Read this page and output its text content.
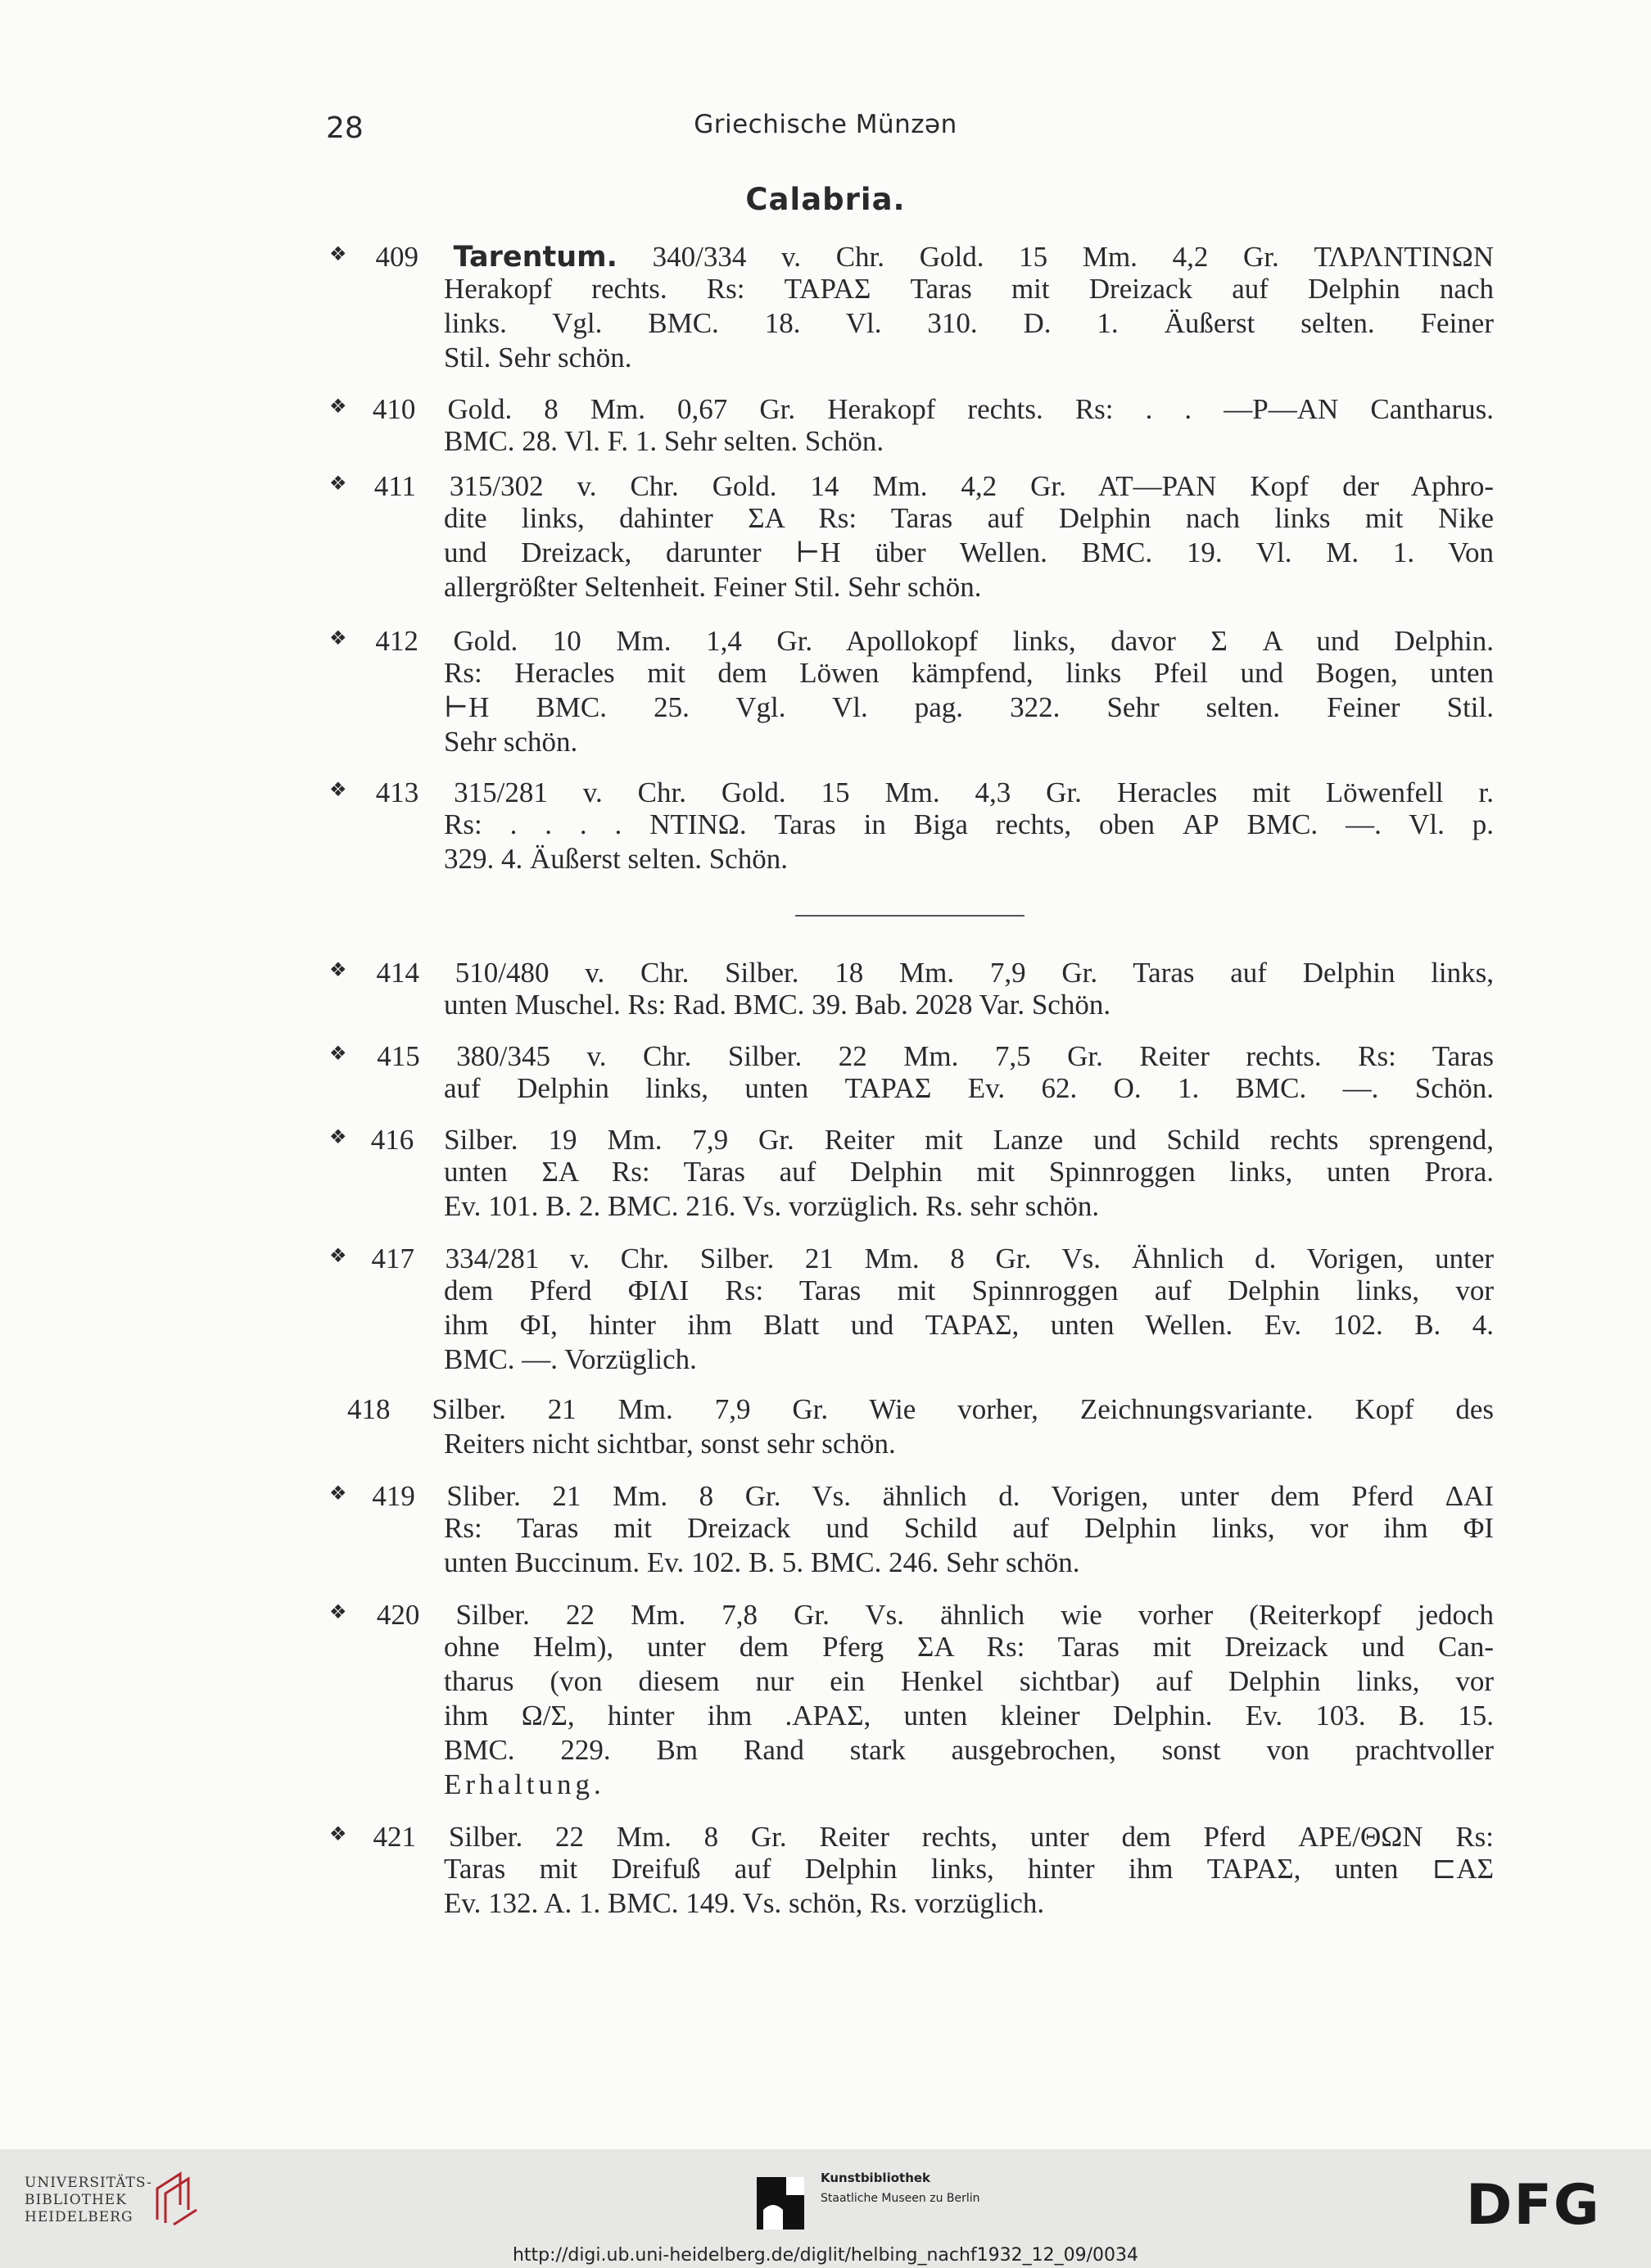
28	Griechische Münzən
Calabria.
❖409 Tarentum. 340/334 v. Chr. Gold. 15 Mm. 4,2 Gr. ΤΛΡΛΝΤΙΝΩΝ
Herakopf rechts. Rs: ΤΑΡΑΣ Taras mit Dreizack auf Delphin nach
links. Vgl. BMC. 18. Vl. 310. D. 1. Äußerst selten. Feiner
Stil. Sehr schön.
❖410 Gold. 8 Mm. 0,67 Gr. Herakopf rechts. Rs: . . —P—AN Cantharus.
BMC. 28. Vl. F. 1. Sehr selten. Schön.
❖411 315/302 v. Chr. Gold. 14 Mm. 4,2 Gr. AT—PAN Kopf der Aphro-
dite links, dahinter ΣA Rs: Taras auf Delphin nach links mit Nike
und Dreizack, darunter ⊢H über Wellen. BMC. 19. Vl. M. 1. Von
allergrößter Seltenheit. Feiner Stil. Sehr schön.
❖412 Gold. 10 Mm. 1,4 Gr. Apollokopf links, davor Σ A und Delphin.
Rs: Heracles mit dem Löwen kämpfend, links Pfeil und Bogen, unten
⊢H BMC. 25. Vgl. Vl. pag. 322. Sehr selten. Feiner Stil.
Sehr schön.
❖413 315/281 v. Chr. Gold. 15 Mm. 4,3 Gr. Heracles mit Löwenfell r.
Rs: . . . . ΝΤΙΝΩ. Taras in Biga rechts, oben ΑΡ BMC. —. Vl. p.
329. 4. Äußerst selten. Schön.
❖414 510/480 v. Chr. Silber. 18 Mm. 7,9 Gr. Taras auf Delphin links,
unten Muschel. Rs: Rad. BMC. 39. Bab. 2028 Var. Schön.
❖415 380/345 v. Chr. Silber. 22 Mm. 7,5 Gr. Reiter rechts. Rs: Taras
auf Delphin links, unten ΤΑΡΑΣ Ev. 62. O. 1. BMC. —. Schön.
❖416 Silber. 19 Mm. 7,9 Gr. Reiter mit Lanze und Schild rechts sprengend,
unten ΣA Rs: Taras auf Delphin mit Spinnroggen links, unten Prora.
Ev. 101. B. 2. BMC. 216. Vs. vorzüglich. Rs. sehr schön.
❖417 334/281 v. Chr. Silber. 21 Mm. 8 Gr. Vs. Ähnlich d. Vorigen, unter
dem Pferd ΦΙΛΙ Rs: Taras mit Spinnroggen auf Delphin links, vor
ihm ΦΙ, hinter ihm Blatt und ΤΑΡΑΣ, unten Wellen. Ev. 102. B. 4.
BMC. —. Vorzüglich.
418 Silber. 21 Mm. 7,9 Gr. Wie vorher, Zeichnungsvariante. Kopf des
Reiters nicht sichtbar, sonst sehr schön.
❖419 Sliber. 21 Mm. 8 Gr. Vs. ähnlich d. Vorigen, unter dem Pferd ΔΑΙ
Rs: Taras mit Dreizack und Schild auf Delphin links, vor ihm ΦΙ
unten Buccinum. Ev. 102. B. 5. BMC. 246. Sehr schön.
❖420 Silber. 22 Mm. 7,8 Gr. Vs. ähnlich wie vorher (Reiterkopf jedoch
ohne Helm), unter dem Pferg ΣA Rs: Taras mit Dreizack und Can-
tharus (von diesem nur ein Henkel sichtbar) auf Delphin links, vor
ihm Ω/Σ, hinter ihm .ΑΡΑΣ, unten kleiner Delphin. Ev. 103. B. 15.
BMC. 229. Bm Rand stark ausgebrochen, sonst von prachtvoller
Erhaltung.
❖421 Silber. 22 Mm. 8 Gr. Reiter rechts, unter dem Pferd ΑΡΕ/ΘΩΝ Rs:
Taras mit Dreifuß auf Delphin links, hinter ihm ΤΑΡΑΣ, unten ⊏ΑΣ
Ev. 132. A. 1. BMC. 149. Vs. schön, Rs. vorzüglich.
UNIVERSITÄTS-
BIBLIOTHEK
HEIDELBERG
Kunstbibliothek
Staatliche Museen zu Berlin	DFG
http://digi.ub.uni-heidelberg.de/diglit/helbing_nachf1932_12_09/0034
